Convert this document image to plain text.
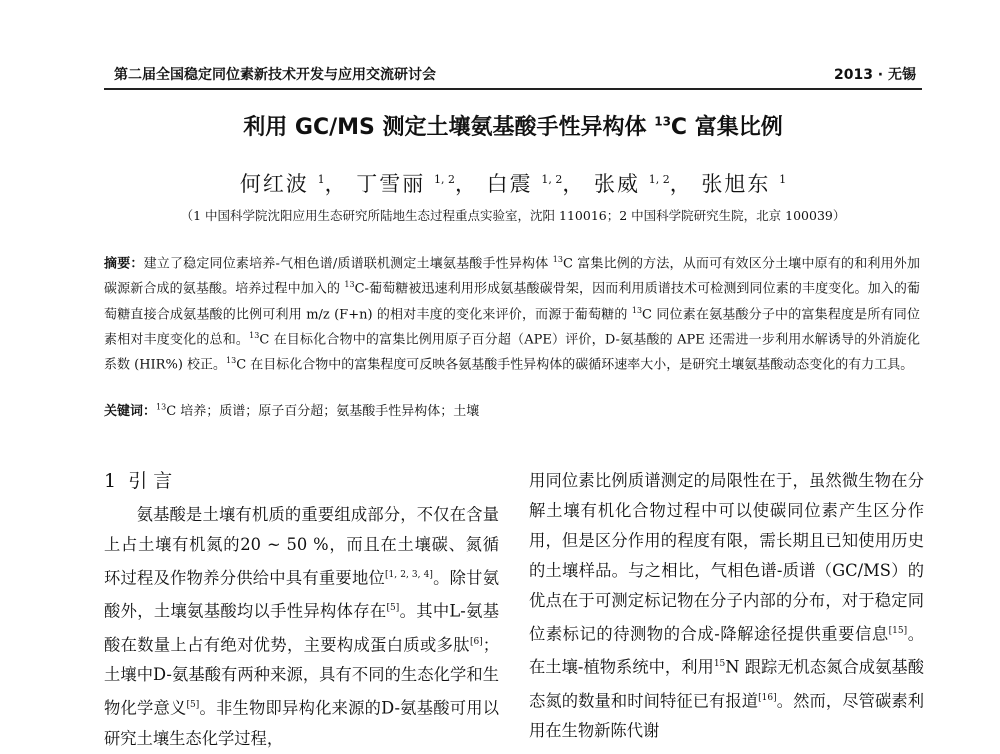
第二届全国稳定同位素新技术开发与应用交流研讨会	2013 · 无锡
利用 GC/MS 测定土壤氨基酸手性异构体 $^{13}$C 富集比例
何红波 $^1$， 丁雪丽 $^{1, 2}$， 白震 $^{1, 2}$， 张威 $^{1, 2}$， 张旭东 $^1$
（1 中国科学院沈阳应用生态研究所陆地生态过程重点实验室，沈阳 110016；2 中国科学院研究生院，北京 100039）
摘要：建立了稳定同位素培养-气相色谱/质谱联机测定土壤氨基酸手性异构体 $^{13}$C 富集比例的方法，从而可有效区分土壤中原有的和利用外加碳源新合成的氨基酸。培养过程中加入的 $^{13}$C-葡萄糖被迅速利用形成氨基酸碳骨架，因而利用质谱技术可检测到同位素的丰度变化。加入的葡萄糖直接合成氨基酸的比例可利用 m/z (F+n) 的相对丰度的变化来评价，而源于葡萄糖的 $^{13}$C 同位素在氨基酸分子中的富集程度是所有同位素相对丰度变化的总和。$^{13}$C 在目标化合物中的富集比例用原子百分超（APE）评价，D-氨基酸的 APE 还需进一步利用水解诱导的外消旋化系数 (HIR%) 校正。$^{13}$C 在目标化合物中的富集程度可反映各氨基酸手性异构体的碳循环速率大小，是研究土壤氨基酸动态变化的有力工具。
关键词：$^{13}$C 培养；质谱；原子百分超；氨基酸手性异构体；土壤
1 引 言

氨基酸是土壤有机质的重要组成部分，不仅在含量上占土壤有机氮的20 ~ 50 %，而且在土壤碳、氮循环过程及作物养分供给中具有重要地位[1, 2, 3, 4]。除甘氨酸外，土壤氨基酸均以手性异构体存在[5]。其中L-氨基酸在数量上占有绝对优势，主要构成蛋白质或多肽[6]；土壤中D-氨基酸有两种来源，具有不同的生态化学和生物化学意义[5]。非生物即异构化来源的D-氨基酸可用以研究土壤生态化学过程，

用同位素比例质谱测定的局限性在于，虽然微生物在分解土壤有机化合物过程中可以使碳同位素产生区分作用，但是区分作用的程度有限，需长期且已知使用历史的土壤样品。与之相比，气相色谱-质谱（GC/MS）的优点在于可测定标记物在分子内部的分布，对于稳定同位素标记的待测物的合成-降解途径提供重要信息[15]。在土壤-植物系统中，利用$^{15}$N 跟踪无机态氮合成氨基酸态氮的数量和时间特征已有报道[16]。然而，尽管碳素利用在生物新陈代谢
